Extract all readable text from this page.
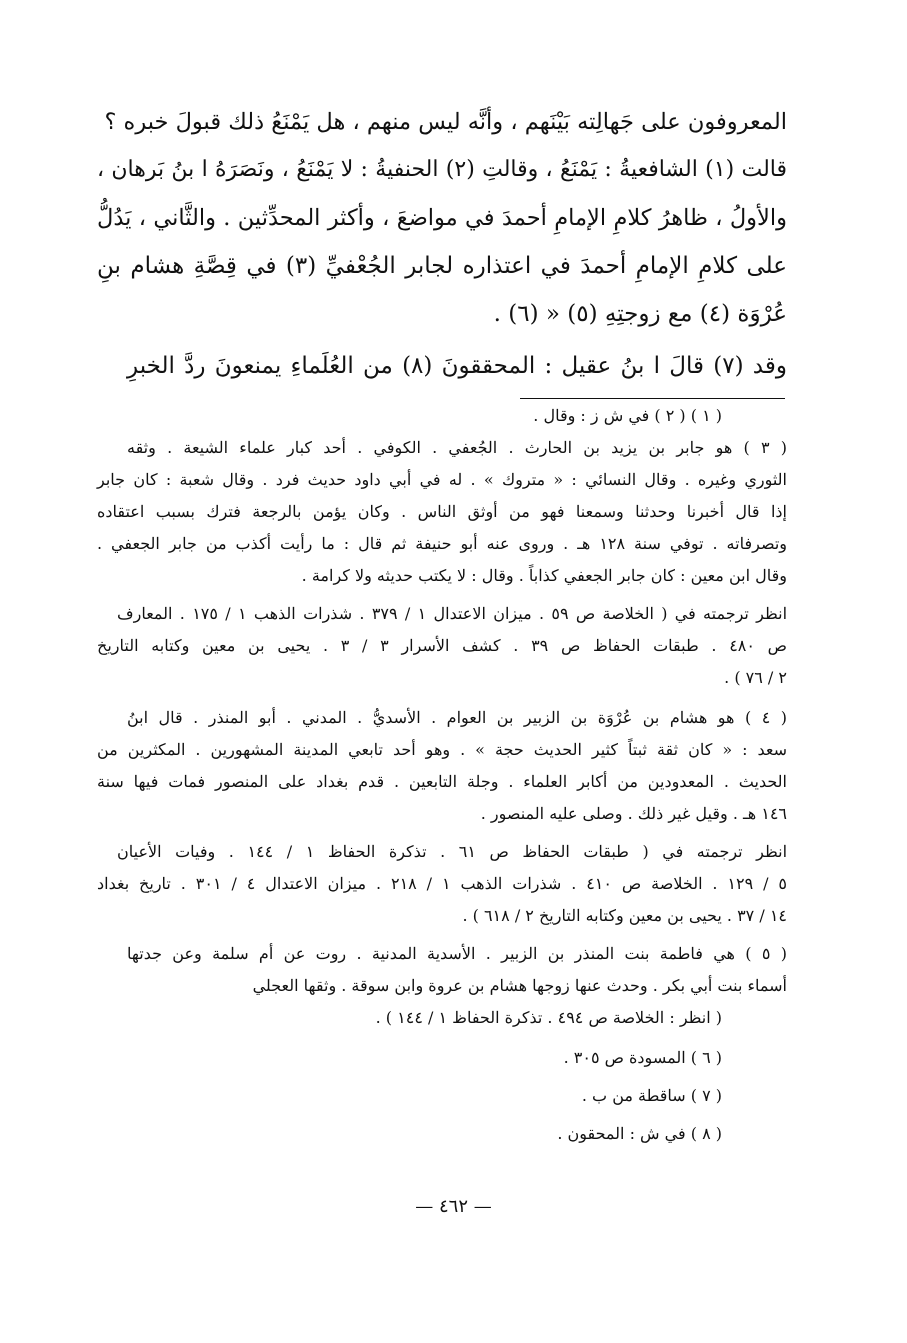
المعروفون على جَهالِته بَيْنَهم ، وأنَّه ليس منهم ، هل يَمْنَعُ ذلك قبولَ خبره ؟
قالت (١) الشافعيةُ : يَمْنَعُ ، وقالتِ (٢) الحنفيةُ : لا يَمْنَعُ ، ونَصَرَهُ ا بنُ بَرهان ،
والأولُ ، ظاهرُ كلامِ الإمامِ أحمدَ في مواضعَ ، وأكثر المحدِّثين . والثَّاني ، يَدُلُّ
على كلامِ الإمامِ أحمدَ في اعتذاره لجابر الجُعْفيِّ (٣) في قِصَّةِ هشام بنِ
عُرْوَة (٤) مع زوجتِهِ (٥) « (٦) .
وقد (٧) قالَ ا بنُ عقيل : المحققونَ (٨) من العُلَماءِ يمنعونَ ردَّ الخبرِ
( ١ ) ( ٢ ) في ش ز : وقال .
( ٣ ) هو جابر بن يزيد بن الحارث . الجُعفي . الكوفي . أحد كبار علماء الشيعة . وثقه
الثوري وغيره . وقال النسائي : « متروك » . له في أبي داود حديث فرد . وقال شعبة : كان جابر
إذا قال أخبرنا وحدثنا وسمعنا فهو من أوثق الناس . وكان يؤمن بالرجعة فترك بسبب اعتقاده
وتصرفاته . توفي سنة ١٢٨ هـ . وروى عنه أبو حنيفة ثم قال : ما رأيت أكذب من جابر الجعفي .
وقال ابن معين : كان جابر الجعفي كذاباً . وقال : لا يكتب حديثه ولا كرامة .
انظر ترجمته في ( الخلاصة ص ٥٩ . ميزان الاعتدال ١ / ٣٧٩ . شذرات الذهب ١ / ١٧٥ . المعارف
ص ٤٨٠ . طبقات الحفاظ ص ٣٩ . كشف الأسرار ٣ / ٣ . يحيى بن معين وكتابه التاريخ
٢ / ٧٦ ) .
( ٤ ) هو هشام بن عُرْوَة بن الزبير بن العوام . الأسديُّ . المدني . أبو المنذر . قال ابنُ
سعد : « كان ثقة ثبتاً كثير الحديث حجة » . وهو أحد تابعي المدينة المشهورين . المكثرين من
الحديث . المعدودين من أكابر العلماء . وجلة التابعين . قدم بغداد على المنصور فمات فيها سنة
١٤٦ هـ . وقيل غير ذلك . وصلى عليه المنصور .
انظر ترجمته في ( طبقات الحفاظ ص ٦١ . تذكرة الحفاظ ١ / ١٤٤ . وفيات الأعيان
٥ / ١٢٩ . الخلاصة ص ٤١٠ . شذرات الذهب ١ / ٢١٨ . ميزان الاعتدال ٤ / ٣٠١ . تاريخ بغداد
١٤ / ٣٧ . يحيى بن معين وكتابه التاريخ ٢ / ٦١٨ ) .
( ٥ ) هي فاطمة بنت المنذر بن الزبير . الأسدية المدنية . روت عن أم سلمة وعن جدتها
أسماء بنت أبي بكر . وحدث عنها زوجها هشام بن عروة وابن سوقة . وثقها العجلي
( انظر : الخلاصة ص ٤٩٤ . تذكرة الحفاظ ١ / ١٤٤ ) .
( ٦ ) المسودة ص ٣٠٥ .
( ٧ ) ساقطة من ب .
( ٨ ) في ش : المحقون .
— ٤٦٢ —
